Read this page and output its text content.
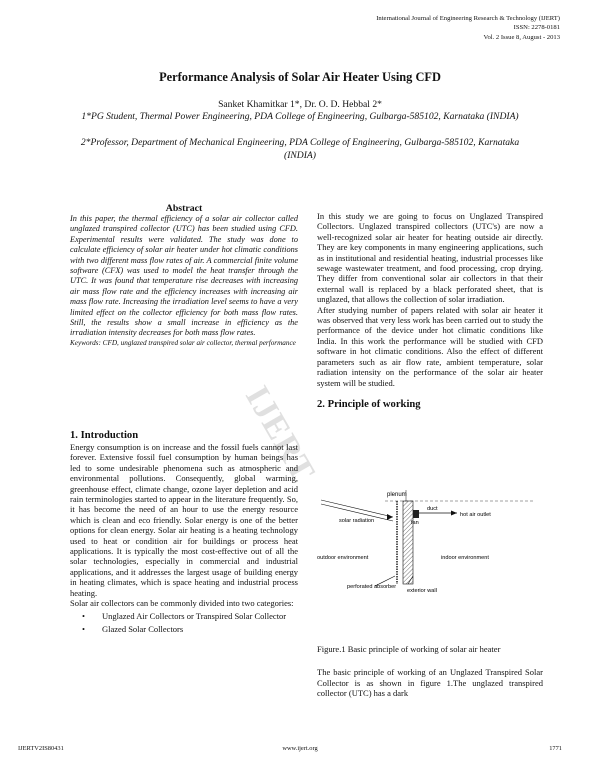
International Journal of Engineering Research & Technology (IJERT)
ISSN: 2278-0181
Vol. 2 Issue 8, August - 2013
Performance Analysis of Solar Air Heater Using CFD
Sanket Khamitkar 1*, Dr. O. D. Hebbal 2*
1*PG Student, Thermal Power Engineering, PDA College of Engineering, Gulbarga-585102, Karnataka (INDIA)
2*Professor, Department of Mechanical Engineering, PDA College of Engineering, Gulbarga-585102, Karnataka (INDIA)
IJERT
Abstract
In this paper, the thermal efficiency of a solar air collector called unglazed transpired collector (UTC) has been studied using CFD. Experimental results were validated. The study was done to calculate efficiency of solar air heater under hot climatic conditions with two different mass flow rates of air. A commercial finite volume software (CFX) was used to model the heat transfer through the UTC. It was found that temperature rise decreases with increasing air mass flow rate and the efficiency increases with increasing air mass flow rate. Increasing the irradiation level seems to have a very limited effect on the collector efficiency for both mass flow rates. Still, the results show a small increase in efficiency as the irradiation intensity decreases for both mass flow rates.
Keywords: CFD, unglazed transpired solar air collector, thermal performance
1. Introduction
Energy consumption is on increase and the fossil fuels cannot last forever. Extensive fossil fuel consumption by human beings has led to some undesirable phenomena such as atmospheric and environmental pollutions. Consequently, global warming, greenhouse effect, climate change, ozone layer depletion and acid rain terminologies started to appear in the literature frequently. So, it has become the need of an hour to use the energy resource which is clean and eco friendly. Solar energy is one of the better options for clean energy. Solar air heating is a heating technology used to heat or condition air for buildings or process heat applications. It is typically the most cost-effective out of all the solar technologies, especially in commercial and industrial applications, and it addresses the largest usage of building energy in heating climates, which is space heating and industrial process heating.
Solar air collectors can be commonly divided into two categories:
• Unglazed Air Collectors or Transpired Solar Collector
• Glazed Solar Collectors
In this study we are going to focus on Unglazed Transpired Collectors. Unglazed transpired collectors (UTC's) are now a well-recognized solar air heater for heating outside air directly. They are key components in many engineering applications, such as in institutional and residential heating, industrial processes like sewage wastewater treatment, and food processing, crop drying. They differ from conventional solar air collectors in that their external wall is replaced by a black perforated sheet, that is unglazed, that allows the collection of solar irradiation.
After studying number of papers related with solar air heater it was observed that very less work has been carried out to study the performance of the device under hot climatic conditions like India. In this work the performance will be studied with CFD software in hot climatic conditions. Also the effect of different parameters such as air flow rate, ambient temperature, solar radiation intensity on the performance of the solar air heater system will be studied.
2. Principle of working
plenum
solar radiation	fan
duct
hot air outlet
outdoor environment	indoor environment
perforated absorber
exterior wall
Figure.1 Basic principle of working of solar air heater
The basic principle of working of an Unglazed Transpired Solar Collector is as shown in figure 1.The unglazed transpired collector (UTC) has a dark
IJERTV2IS80431	www.ijert.org	1771
